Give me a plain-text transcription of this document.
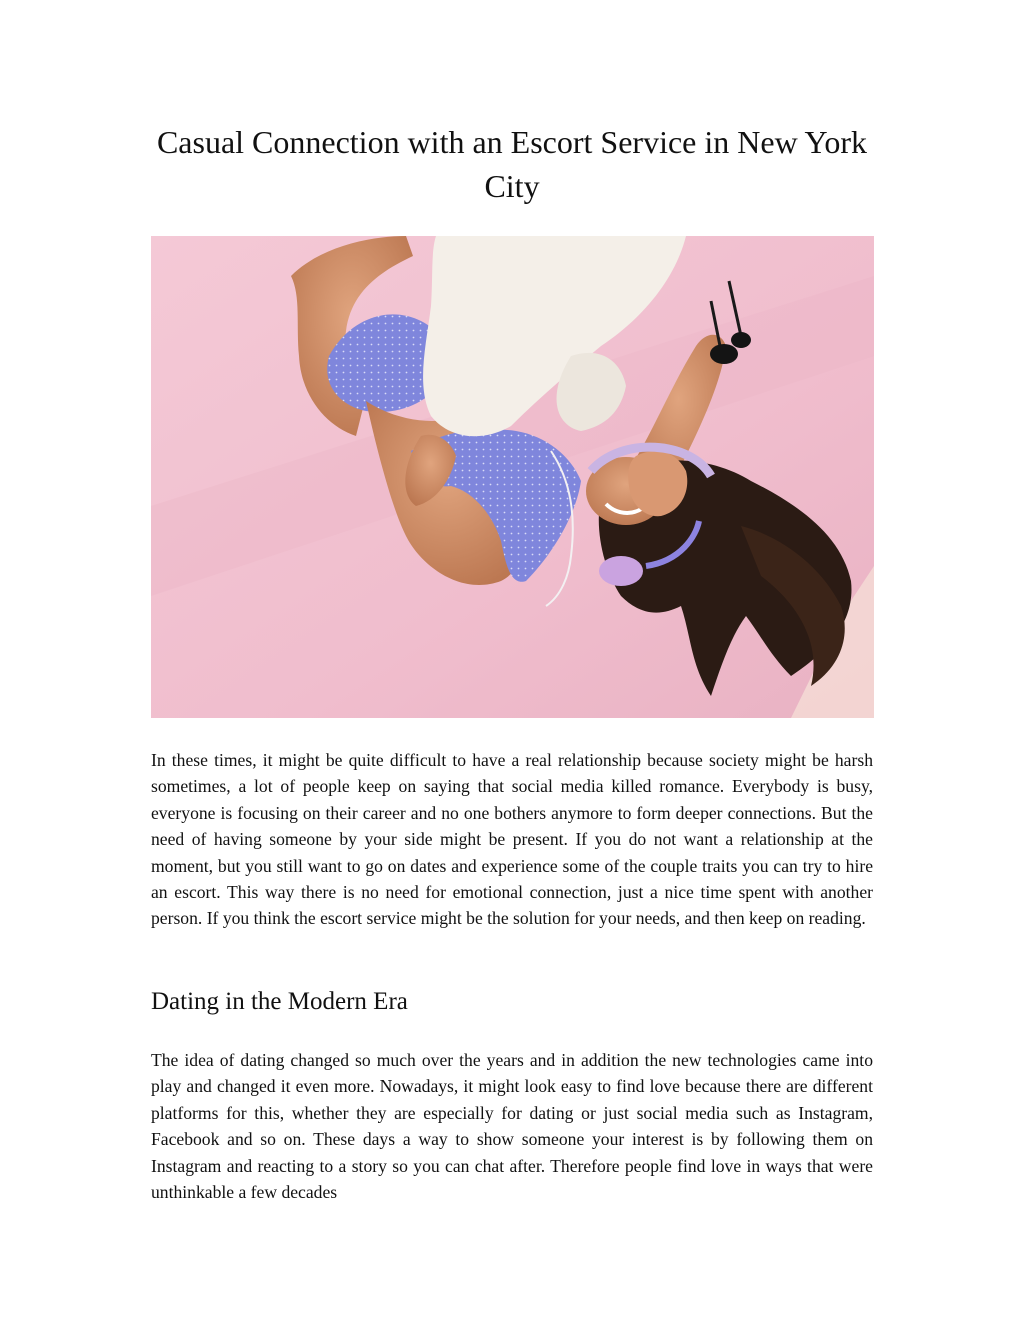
Casual Connection with an Escort Service in New York City

In these times, it might be quite difficult to have a real relationship because society might be harsh sometimes, a lot of people keep on saying that social media killed romance. Everybody is busy, everyone is focusing on their career and no one bothers anymore to form deeper connections. But the need of having someone by your side might be present. If you do not want a relationship at the moment, but you still want to go on dates and experience some of the couple traits you can try to hire an escort. This way there is no need for emotional connection, just a nice time spent with another person. If you think the escort service might be the solution for your needs, and then keep on reading.

Dating in the Modern Era

The idea of dating changed so much over the years and in addition the new technologies came into play and changed it even more. Nowadays, it might look easy to find love because there are different platforms for this, whether they are especially for dating or just social media such as Instagram, Facebook and so on. These days a way to show someone your interest is by following them on Instagram and reacting to a story so you can chat after. Therefore people find love in ways that were unthinkable a few decades
